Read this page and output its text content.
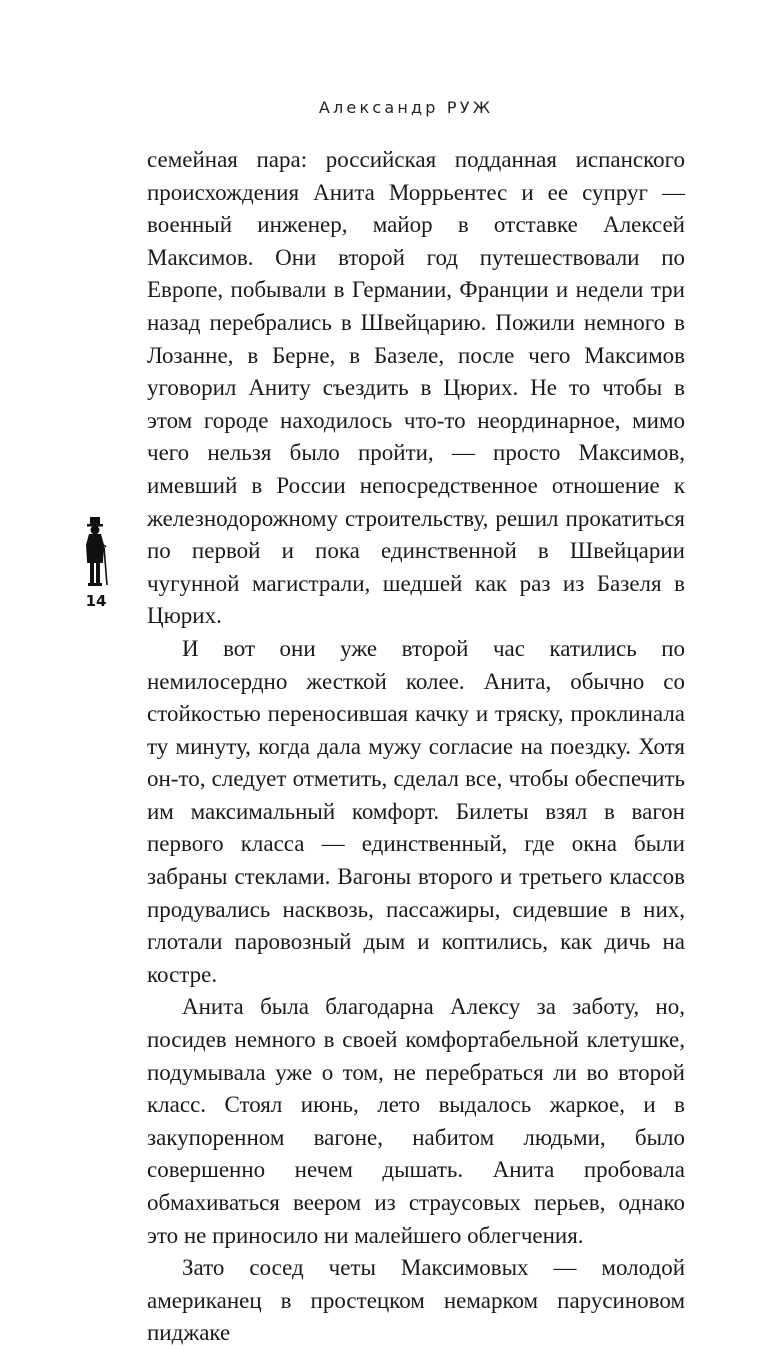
Александр РУЖ

семейная пара: российская подданная испанского происхождения Анита Моррьентес и ее супруг — военный инженер, майор в отставке Алексей Максимов. Они второй год путешествовали по Европе, побывали в Германии, Франции и недели три назад перебрались в Швейцарию. Пожили немного в Лозанне, в Берне, в Базеле, после чего Максимов уговорил Аниту съездить в Цюрих. Не то чтобы в этом городе находилось что-то неординарное, мимо чего нельзя было пройти, — просто Максимов, имевший в России непосредственное отношение к железнодорожному строительству, решил прокатиться по первой и пока единственной в Швейцарии чугунной магистрали, шедшей как раз из Базеля в Цюрих.

И вот они уже второй час катились по немилосердно жесткой колее. Анита, обычно со стойкостью переносившая качку и тряску, проклинала ту минуту, когда дала мужу согласие на поездку. Хотя он-то, следует отметить, сделал все, чтобы обеспечить им максимальный комфорт. Билеты взял в вагон первого класса — единственный, где окна были забраны стеклами. Вагоны второго и третьего классов продувались насквозь, пассажиры, сидевшие в них, глотали паровозный дым и коптились, как дичь на костре.

Анита была благодарна Алексу за заботу, но, посидев немного в своей комфортабельной клетушке, подумывала уже о том, не перебраться ли во второй класс. Стоял июнь, лето выдалось жаркое, и в закупоренном вагоне, набитом людьми, было совершенно нечем дышать. Анита пробовала обмахиваться веером из страусовых перьев, однако это не приносило ни малейшего облегчения.

Зато сосед четы Максимовых — молодой американец в простецком немарком парусиновом пиджаке

14
